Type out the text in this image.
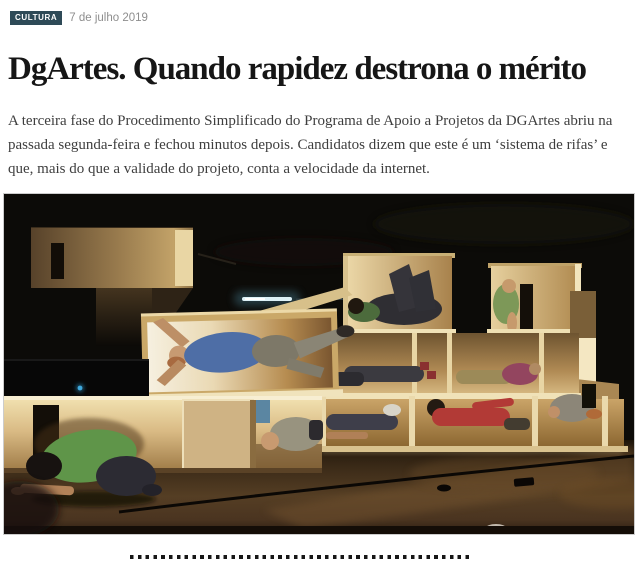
CULTURA	7 de julho 2019
DgArtes. Quando rapidez destrona o mérito

A terceira fase do Procedimento Simplificado do Programa de Apoio a Projetos da DGArtes abriu na passada segunda-feira e fechou minutos depois. Candidatos dizem que este é um ‘sistema de rifas’ e que, mais do que a validade do projeto, conta a velocidade da internet.
